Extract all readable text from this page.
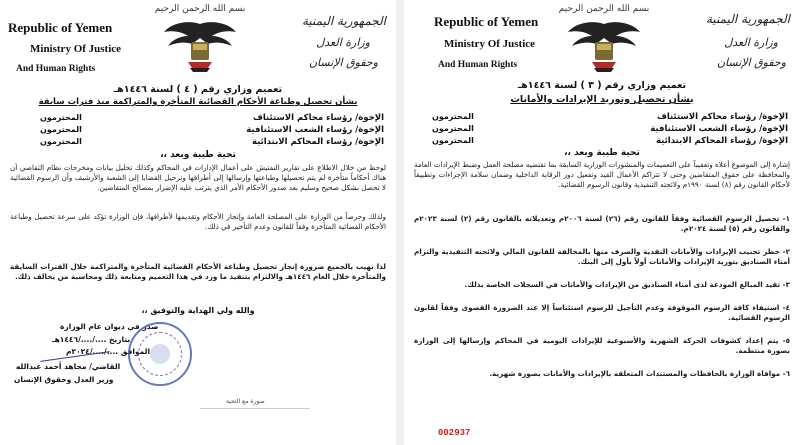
Republic of Yemen
Ministry Of Justice
And Human Rights
بسم الله الرحمن الرحيم
الجمهورية اليمنية
وزارة العدل
وحقوق الإنسان
تعميم وزاري رقم ( ٤ ) لسنة ١٤٤٦هـ
بشأن تحصيل وطباعة الأحكام القضائية المتأخرة والمتراكمة منذ فترات سابقة
الإخوة/ رؤساء محاكم الاستئناف
الإخوة/ رؤساء الشعب الاستئنافية
الإخوة/ رؤساء المحاكم الابتدائية
المحترمون
المحترمون
المحترمون
تحية طيبة وبعد ،،
لوحظ من خلال الاطلاع على تقارير التفتيش على أعمال الإدارات في المحاكم وكذلك تحليل بيانات ومخرجات نظام التقاضي أن هناك أحكاماً متأخرة لم يتم تحصيلها وطباعتها وإرسالها إلى أطرافها وترحيل القضايا إلى الشعبة والأرشيف وأن الرسوم القضائية لا تحصل بشكل صحيح وسليم بعد صدور الأحكام الأمر الذي يترتب عليه الإضرار بمصالح المتقاضين.
ولذلك وحرصاً من الوزارة على المصلحة العامة وإنجاز الأحكام وتقديمها لأطرافها، فإن الوزارة تؤكد على سرعة تحصيل وطباعة الأحكام القضائية المتأخرة وفقاً للقانون وعدم التأخير في ذلك.
لذا نهيب بالجميع ضرورة إنجاز تحصيل وطباعة الأحكام القضائية المتأخرة والمتراكمة خلال الفترات السابقة والمتأخرة خلال العام ١٤٤٦هـ والالتزام بتنفيذ ما ورد في هذا التعميم ومتابعة ذلك ومحاسبة من يخالف ذلك.
والله ولي الهداية والتوفيق ،،
صدر في ديوان عام الوزارة
بتاريخ ..../..../١٤٤٦هـ
الموافق ..../..../٢٠٢٤م
القاضي/ مجاهد أحمد عبدالله
وزير العدل وحقوق الإنسان
صورة مع التحية
Republic of Yemen
Ministry Of Justice
And Human Rights
بسم الله الرحمن الرحيم
الجمهورية اليمنية
وزارة العدل
وحقوق الإنسان
تعميم وزاري رقم ( ٣ ) لسنة ١٤٤٦هـ
بشأن تحصيل وتوريد الإيرادات والأمانات
الإخوة/ رؤساء محاكم الاستئناف
الإخوة/ رؤساء الشعب الاستئنافية
الإخوة/ رؤساء المحاكم الابتدائية
المحترمون
المحترمون
المحترمون
تحية طيبة وبعد ،،
إشارة إلى الموضوع أعلاه وتعقيباً على التعميمات والمنشورات الوزارية السابقة بما تقتضيه مصلحة العمل وضبط الإيرادات العامة والمحافظة على حقوق المتقاضين وحتى لا تتراكم الأعمال القيد وتفعيل دور الرقابة الداخلية وضمان سلامة الإجراءات وتطبيقاً لأحكام القانون رقم (٨) لسنة ١٩٩٠م ولائحته التنفيذية وقانون الرسوم القضائية.
١- تحصيل الرسوم القضائية وفقاً للقانون رقم (٢٦) لسنة ٢٠٠٦م وتعديلاته بالقانون رقم (٢) لسنة ٢٠٢٣م والقانون رقم (٥) لسنة ٢٠٢٤م.
٢- حظر تجنيب الإيرادات والأمانات النقدية والصرف منها بالمخالفة للقانون المالي ولائحته التنفيذية والتزام أمناء الصناديق بتوريد الإيرادات والأمانات أولاً بأول إلى البنك.
٣- تقيد المبالغ المودعة لدى أمناء الصناديق من الإيرادات والأمانات في السجلات الخاصة بذلك.
٤- استيفاء كافة الرسوم الموقوفة وعدم التأجيل للرسوم استئناساً إلا عند الضرورة القصوى وفقاً لقانون الرسوم القضائية.
٥- يتم إعداد كشوفات الحركة الشهرية والأسبوعية للإيرادات اليومية في المحاكم وإرسالها إلى الوزارة بصورة منتظمة.
٦- موافاة الوزارة بالحافظات والمستندات المتعلقة بالإيرادات والأمانات بصورة شهرية.
002937
